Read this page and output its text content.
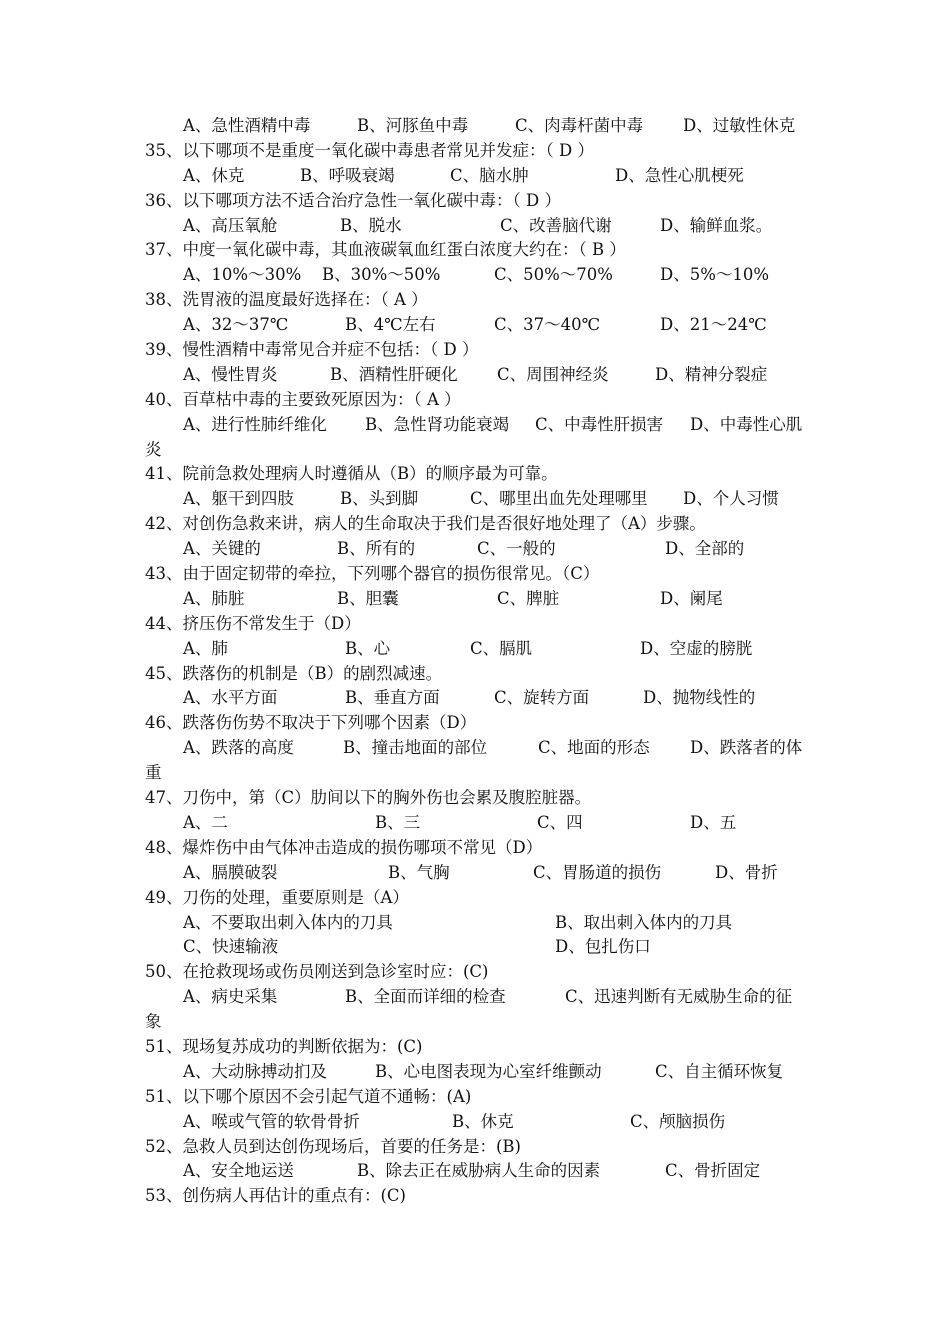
A、急性酒精中毒	B、河豚鱼中毒	C、肉毒杆菌中毒 D、过敏性休克
35、以下哪项不是重度一氧化碳中毒患者常见并发症：（ D ）
A、休克	B、呼吸衰竭	C、脑水肿	D、急性心肌梗死
36、以下哪项方法不适合治疗急性一氧化碳中毒：（ D ）
A、高压氧舱	B、脱水	C、改善脑代谢	D、输鲜血浆。
37、中度一氧化碳中毒，其血液碳氧血红蛋白浓度大约在：（ B ）
A、10%～30% B、30%～50%	C、50%～70%	D、5%～10%
38、洗胃液的温度最好选择在：（ A ）
A、32～37℃	B、4℃左右	C、37～40℃	D、21～24℃
39、慢性酒精中毒常见合并症不包括：（ D ）
A、慢性胃炎	B、酒精性肝硬化 C、周围神经炎	D、精神分裂症
40、百草枯中毒的主要致死原因为：（ A ）
A、进行性肺纤维化 B、急性肾功能衰竭 C、中毒性肝损害 D、中毒性心肌
炎
41、院前急救处理病人时遵循从（B）的顺序最为可靠。
A、躯干到四肢	B、头到脚	C、哪里出血先处理哪里 D、个人习惯
42、对创伤急救来讲，病人的生命取决于我们是否很好地处理了（A）步骤。
A、关键的	B、所有的	C、一般的	D、全部的
43、由于固定韧带的牵拉，下列哪个器官的损伤很常见。（C）
A、肺脏	B、胆囊	C、脾脏	D、阑尾
44、挤压伤不常发生于（D）
A、肺	B、心	C、膈肌	D、空虚的膀胱
45、跌落伤的机制是（B）的剧烈减速。
A、水平方面	B、垂直方面	C、旋转方面	D、抛物线性的
46、跌落伤伤势不取决于下列哪个因素（D）
A、跌落的高度	B、撞击地面的部位	C、地面的形态 D、跌落者的体
重
47、刀伤中，第（C）肋间以下的胸外伤也会累及腹腔脏器。
A、二	B、三	C、四	D、五
48、爆炸伤中由气体冲击造成的损伤哪项不常见（D）
A、膈膜破裂	B、气胸	C、胃肠道的损伤	D、骨折
49、刀伤的处理，重要原则是（A）
A、不要取出刺入体内的刀具	B、取出刺入体内的刀具
C、快速输液	D、包扎伤口
50、在抢救现场或伤员刚送到急诊室时应：(C)
A、病史采集	B、全面而详细的检查	C、迅速判断有无威胁生命的征
象
51、现场复苏成功的判断依据为：(C)
A、大动脉搏动扪及	B、心电图表现为心室纤维颤动	C、自主循环恢复
51、以下哪个原因不会引起气道不通畅：(A)
A、喉或气管的软骨骨折	B、休克	C、颅脑损伤
52、急救人员到达创伤现场后，首要的任务是：(B)
A、安全地运送	B、除去正在威胁病人生命的因素	C、骨折固定
53、创伤病人再估计的重点有：(C)
